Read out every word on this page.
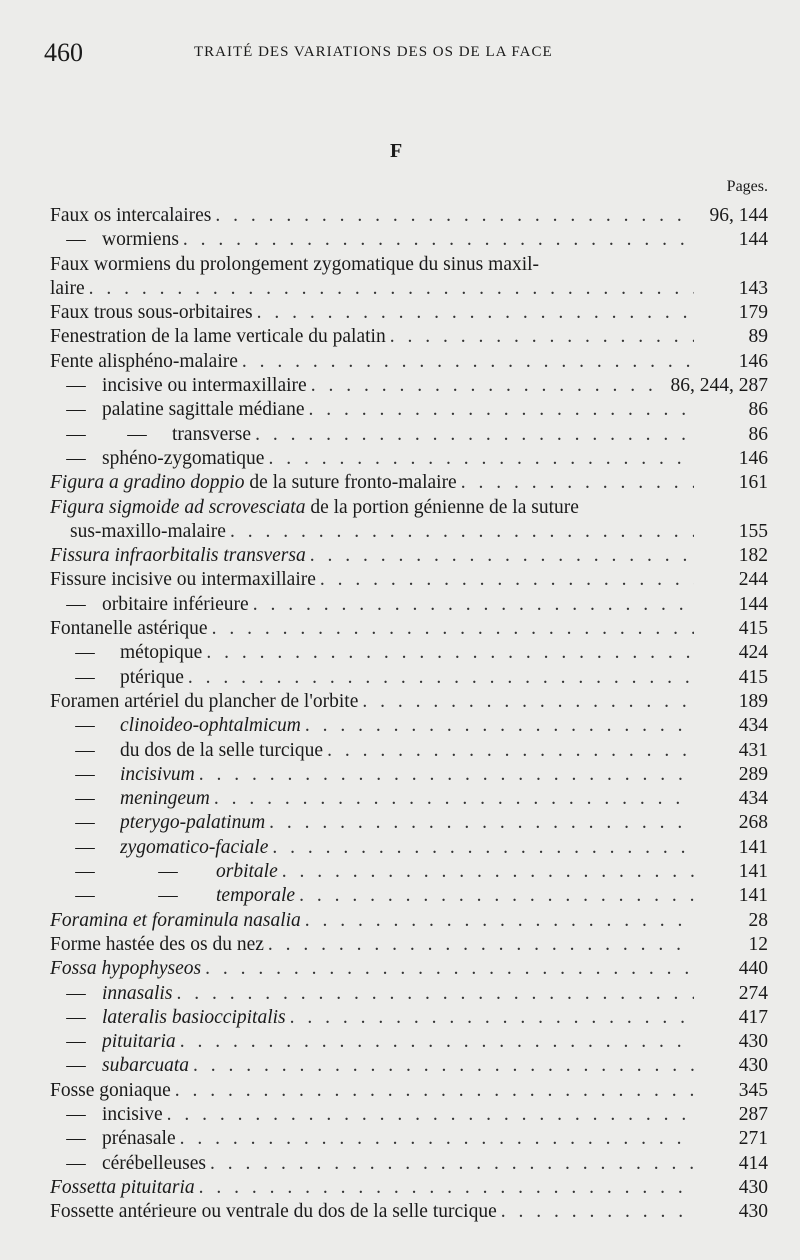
460	TRAITÉ DES VARIATIONS DES OS DE LA FACE
F
Pages.
Faux os intercalaires . . .	96, 144
— wormiens . . .	144
Faux wormiens du prolongement zygomatique du sinus maxil-
laire . . .	143
Faux trous sous-orbitaires . . .	179
Fenestration de la lame verticale du palatin . . .	89
Fente alisphéno-malaire . . .	146
— incisive ou intermaxillaire . . .	86, 244, 287
— palatine sagittale médiane . . .	86
—	—	transverse . . .	86
— sphéno-zygomatique . . .	146
Figura a gradino doppio de la suture fronto-malaire . . .	161
Figura sigmoide ad scrovesciata de la portion génienne de la suture
sus-maxillo-malaire . . .	155
Fissura infraorbitalis transversa . . .	182
Fissure incisive ou intermaxillaire . . .	244
— orbitaire inférieure . . .	144
Fontanelle astérique . . .	415
—	métopique . . .	424
—	ptérique . . .	415
Foramen artériel du plancher de l'orbite . . .	189
—	clinoideo-ophtalmicum . . .	434
—	du dos de la selle turcique . . .	431
—	incisivum . . .	289
—	meningeum . . .	434
—	pterygo-palatinum . . .	268
—	zygomatico-faciale . . .	141
—	—	orbitale . . .	141
—	—	temporale . . .	141
Foramina et foraminula nasalia . . .	28
Forme hastée des os du nez . . .	12
Fossa hypophyseos . . .	440
— innasalis . . .	274
— lateralis basioccipitalis . . .	417
— pituitaria . . .	430
— subarcuata . . .	430
Fosse goniaque . . .	345
— incisive . . .	287
— prénasale . . .	271
— cérébelleuses . . .	414
Fossetta pituitaria . . .	430
Fossette antérieure ou ventrale du dos de la selle turcique . . .	430
